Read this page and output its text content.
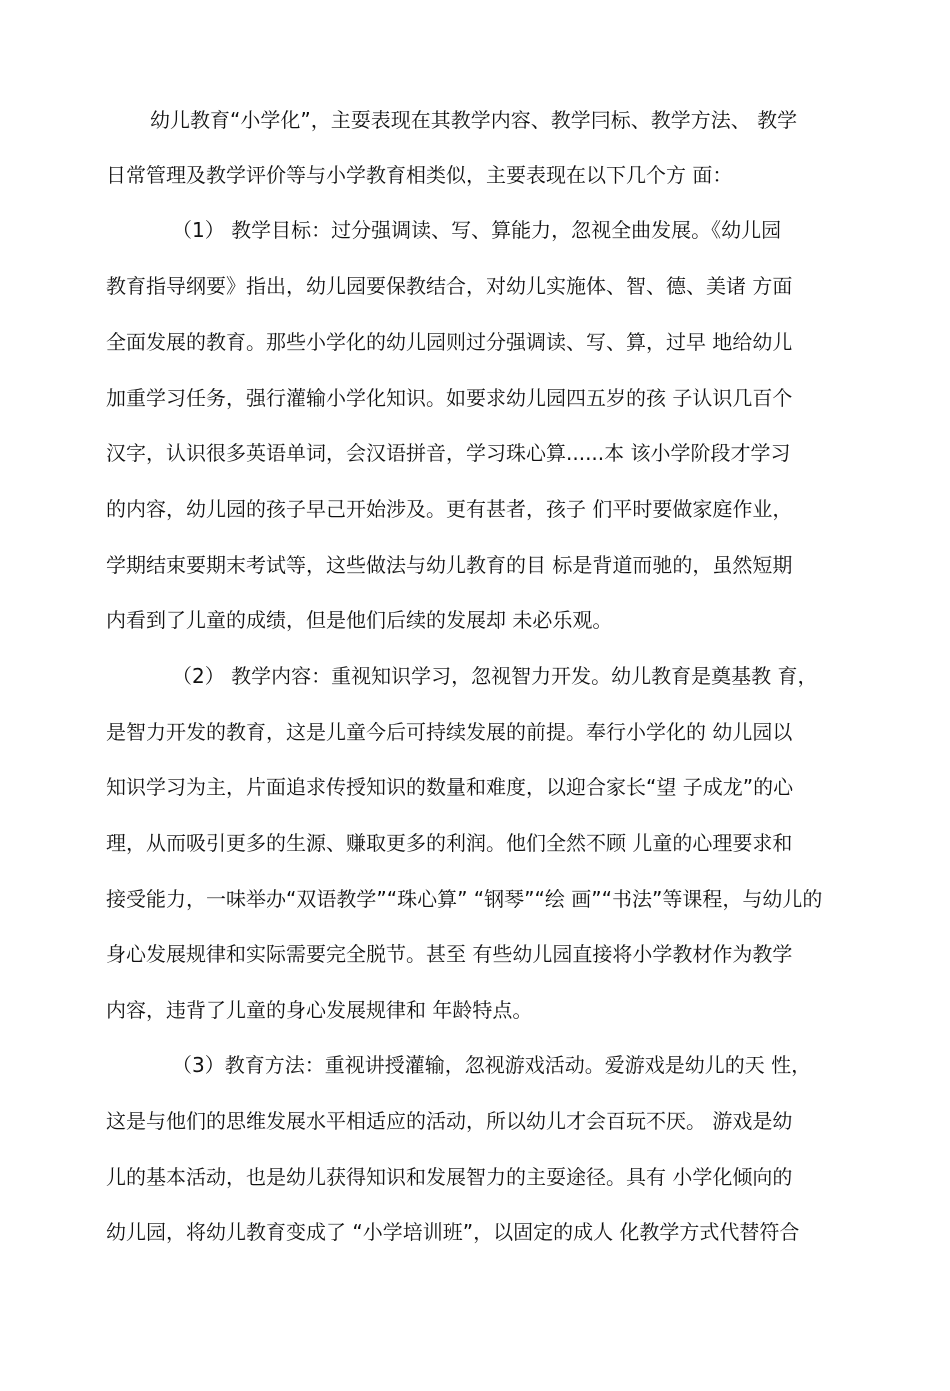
幼儿教育“小学化”，主耍表现在其教学内容、教学冃标、教学方法、 教学
日常管理及教学评价等与小学教育相类似，主要表现在以下几个方 面：
（1） 教学目标：过分强调读、写、算能力，忽视全曲发展。《幼儿园
教育指导纲要》指出，幼儿园要保教结合，对幼儿实施体、智、德、美诸 方面
全面发展的教育。那些小学化的幼儿园则过分强调读、写、算，过早 地给幼儿
加重学习任务，强行灌输小学化知识。如要求幼儿园四五岁的孩 子认识几百个
汉字，认识很多英语单词，会汉语拼音，学习珠心算......本 该小学阶段才学习
的内容，幼儿园的孩子早己开始涉及。更有甚者，孩子 们平时要做家庭作业，
学期结束要期末考试等，这些做法与幼儿教育的目 标是背道而驰的，虽然短期
内看到了儿童的成绩，但是他们后续的发展却 未必乐观。
（2） 教学内容：重视知识学习，忽视智力开发。幼儿教育是奠基教 育，
是智力开发的教育，这是儿童今后可持续发展的前提。奉行小学化的 幼儿园以
知识学习为主，片面追求传授知识的数量和难度，以迎合家长“望 子成龙”的心
理，从而吸引更多的生源、赚取更多的利润。他们全然不顾 儿童的心理要求和
接受能力，一味举办“双语教学”“珠心算” “钢琴”“绘 画”“书法”等课程，与幼儿的
身心发展规律和实际需要完全脱节。甚至 有些幼儿园直接将小学教材作为教学
内容，违背了儿童的身心发展规律和 年龄特点。
（3）教育方法：重视讲授灌输，忽视游戏活动。爱游戏是幼儿的天 性，
这是与他们的思维发展水平相适应的活动，所以幼儿才会百玩不厌。 游戏是幼
儿的基本活动，也是幼儿获得知识和发展智力的主耍途径。具有 小学化倾向的
幼儿园，将幼儿教育变成了 “小学培训班”，以固定的成人 化教学方式代替符合
